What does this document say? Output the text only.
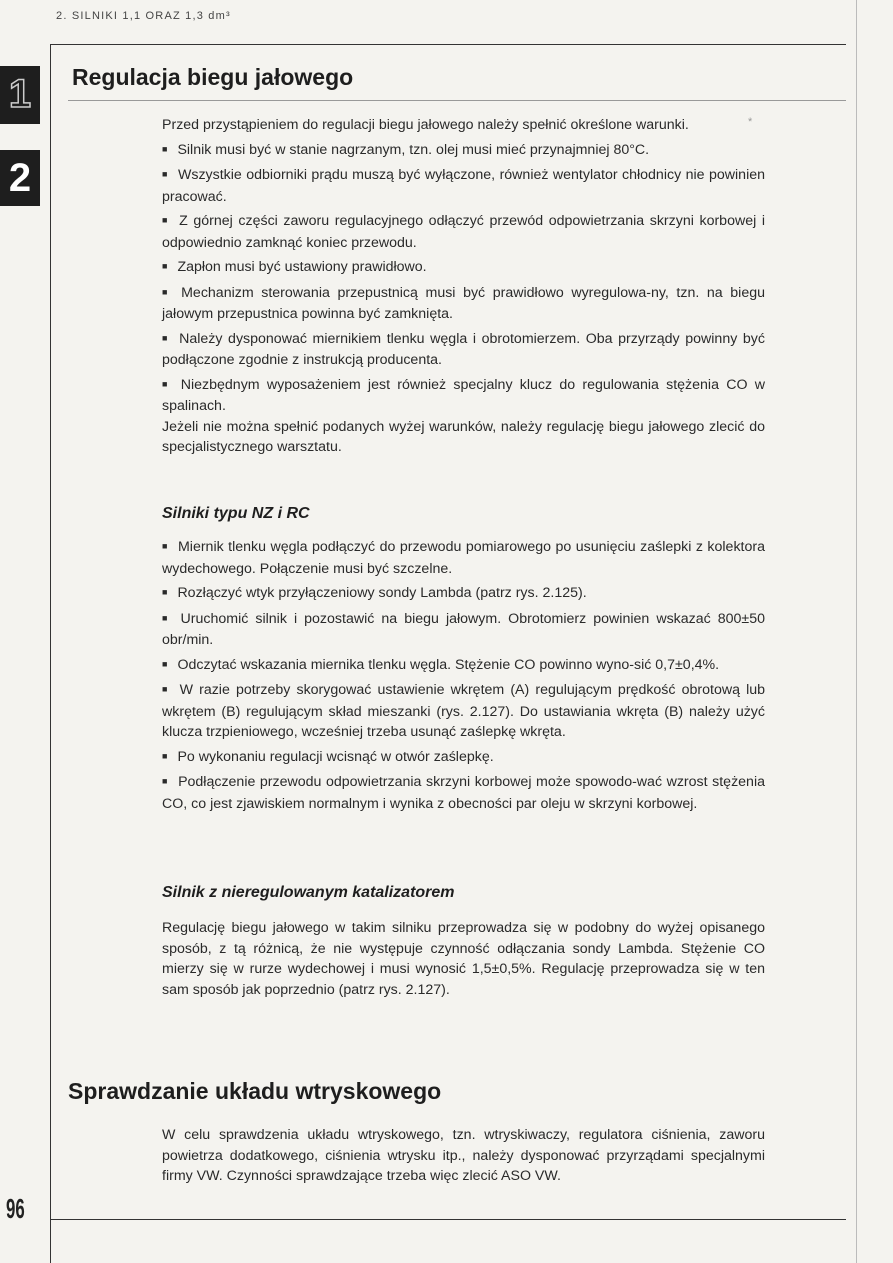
2. SILNIKI 1,1 ORAZ 1,3 dm³
1
2
96
Regulacja biegu jałowego
*

Przed przystąpieniem do regulacji biegu jałowego należy spełnić określone warunki.

■ Silnik musi być w stanie nagrzanym, tzn. olej musi mieć przynajmniej 80°C.

■ Wszystkie odbiorniki prądu muszą być wyłączone, również wentylator chłodnicy nie powinien pracować.

■ Z górnej części zaworu regulacyjnego odłączyć przewód odpowietrzania skrzyni korbowej i odpowiednio zamknąć koniec przewodu.

■ Zapłon musi być ustawiony prawidłowo.

■ Mechanizm sterowania przepustnicą musi być prawidłowo wyregulowa-ny, tzn. na biegu jałowym przepustnica powinna być zamknięta.

■ Należy dysponować miernikiem tlenku węgla i obrotomierzem. Oba przyrządy powinny być podłączone zgodnie z instrukcją producenta.

■ Niezbędnym wyposażeniem jest również specjalny klucz do regulowania stężenia CO w spalinach.

Jeżeli nie można spełnić podanych wyżej warunków, należy regulację biegu jałowego zlecić do specjalistycznego warsztatu.

Silniki typu NZ i RC

■ Miernik tlenku węgla podłączyć do przewodu pomiarowego po usunięciu zaślepki z kolektora wydechowego. Połączenie musi być szczelne.

■ Rozłączyć wtyk przyłączeniowy sondy Lambda (patrz rys. 2.125).

■ Uruchomić silnik i pozostawić na biegu jałowym. Obrotomierz powinien wskazać 800±50 obr/min.

■ Odczytać wskazania miernika tlenku węgla. Stężenie CO powinno wyno-sić 0,7±0,4%.

■ W razie potrzeby skorygować ustawienie wkrętem (A) regulującym prędkość obrotową lub wkrętem (B) regulującym skład mieszanki (rys. 2.127). Do ustawiania wkręta (B) należy użyć klucza trzpieniowego, wcześniej trzeba usunąć zaślepkę wkręta.

■ Po wykonaniu regulacji wcisnąć w otwór zaślepkę.

■ Podłączenie przewodu odpowietrzania skrzyni korbowej może spowodo-wać wzrost stężenia CO, co jest zjawiskiem normalnym i wynika z obecności par oleju w skrzyni korbowej.

Silnik z nieregulowanym katalizatorem

Regulację biegu jałowego w takim silniku przeprowadza się w podobny do wyżej opisanego sposób, z tą różnicą, że nie występuje czynność odłączania sondy Lambda. Stężenie CO mierzy się w rurze wydechowej i musi wynosić 1,5±0,5%. Regulację przeprowadza się w ten sam sposób jak poprzednio (patrz rys. 2.127).

Sprawdzanie układu wtryskowego

W celu sprawdzenia układu wtryskowego, tzn. wtryskiwaczy, regulatora ciśnienia, zaworu powietrza dodatkowego, ciśnienia wtrysku itp., należy dysponować przyrządami specjalnymi firmy VW. Czynności sprawdzające trzeba więc zlecić ASO VW.
